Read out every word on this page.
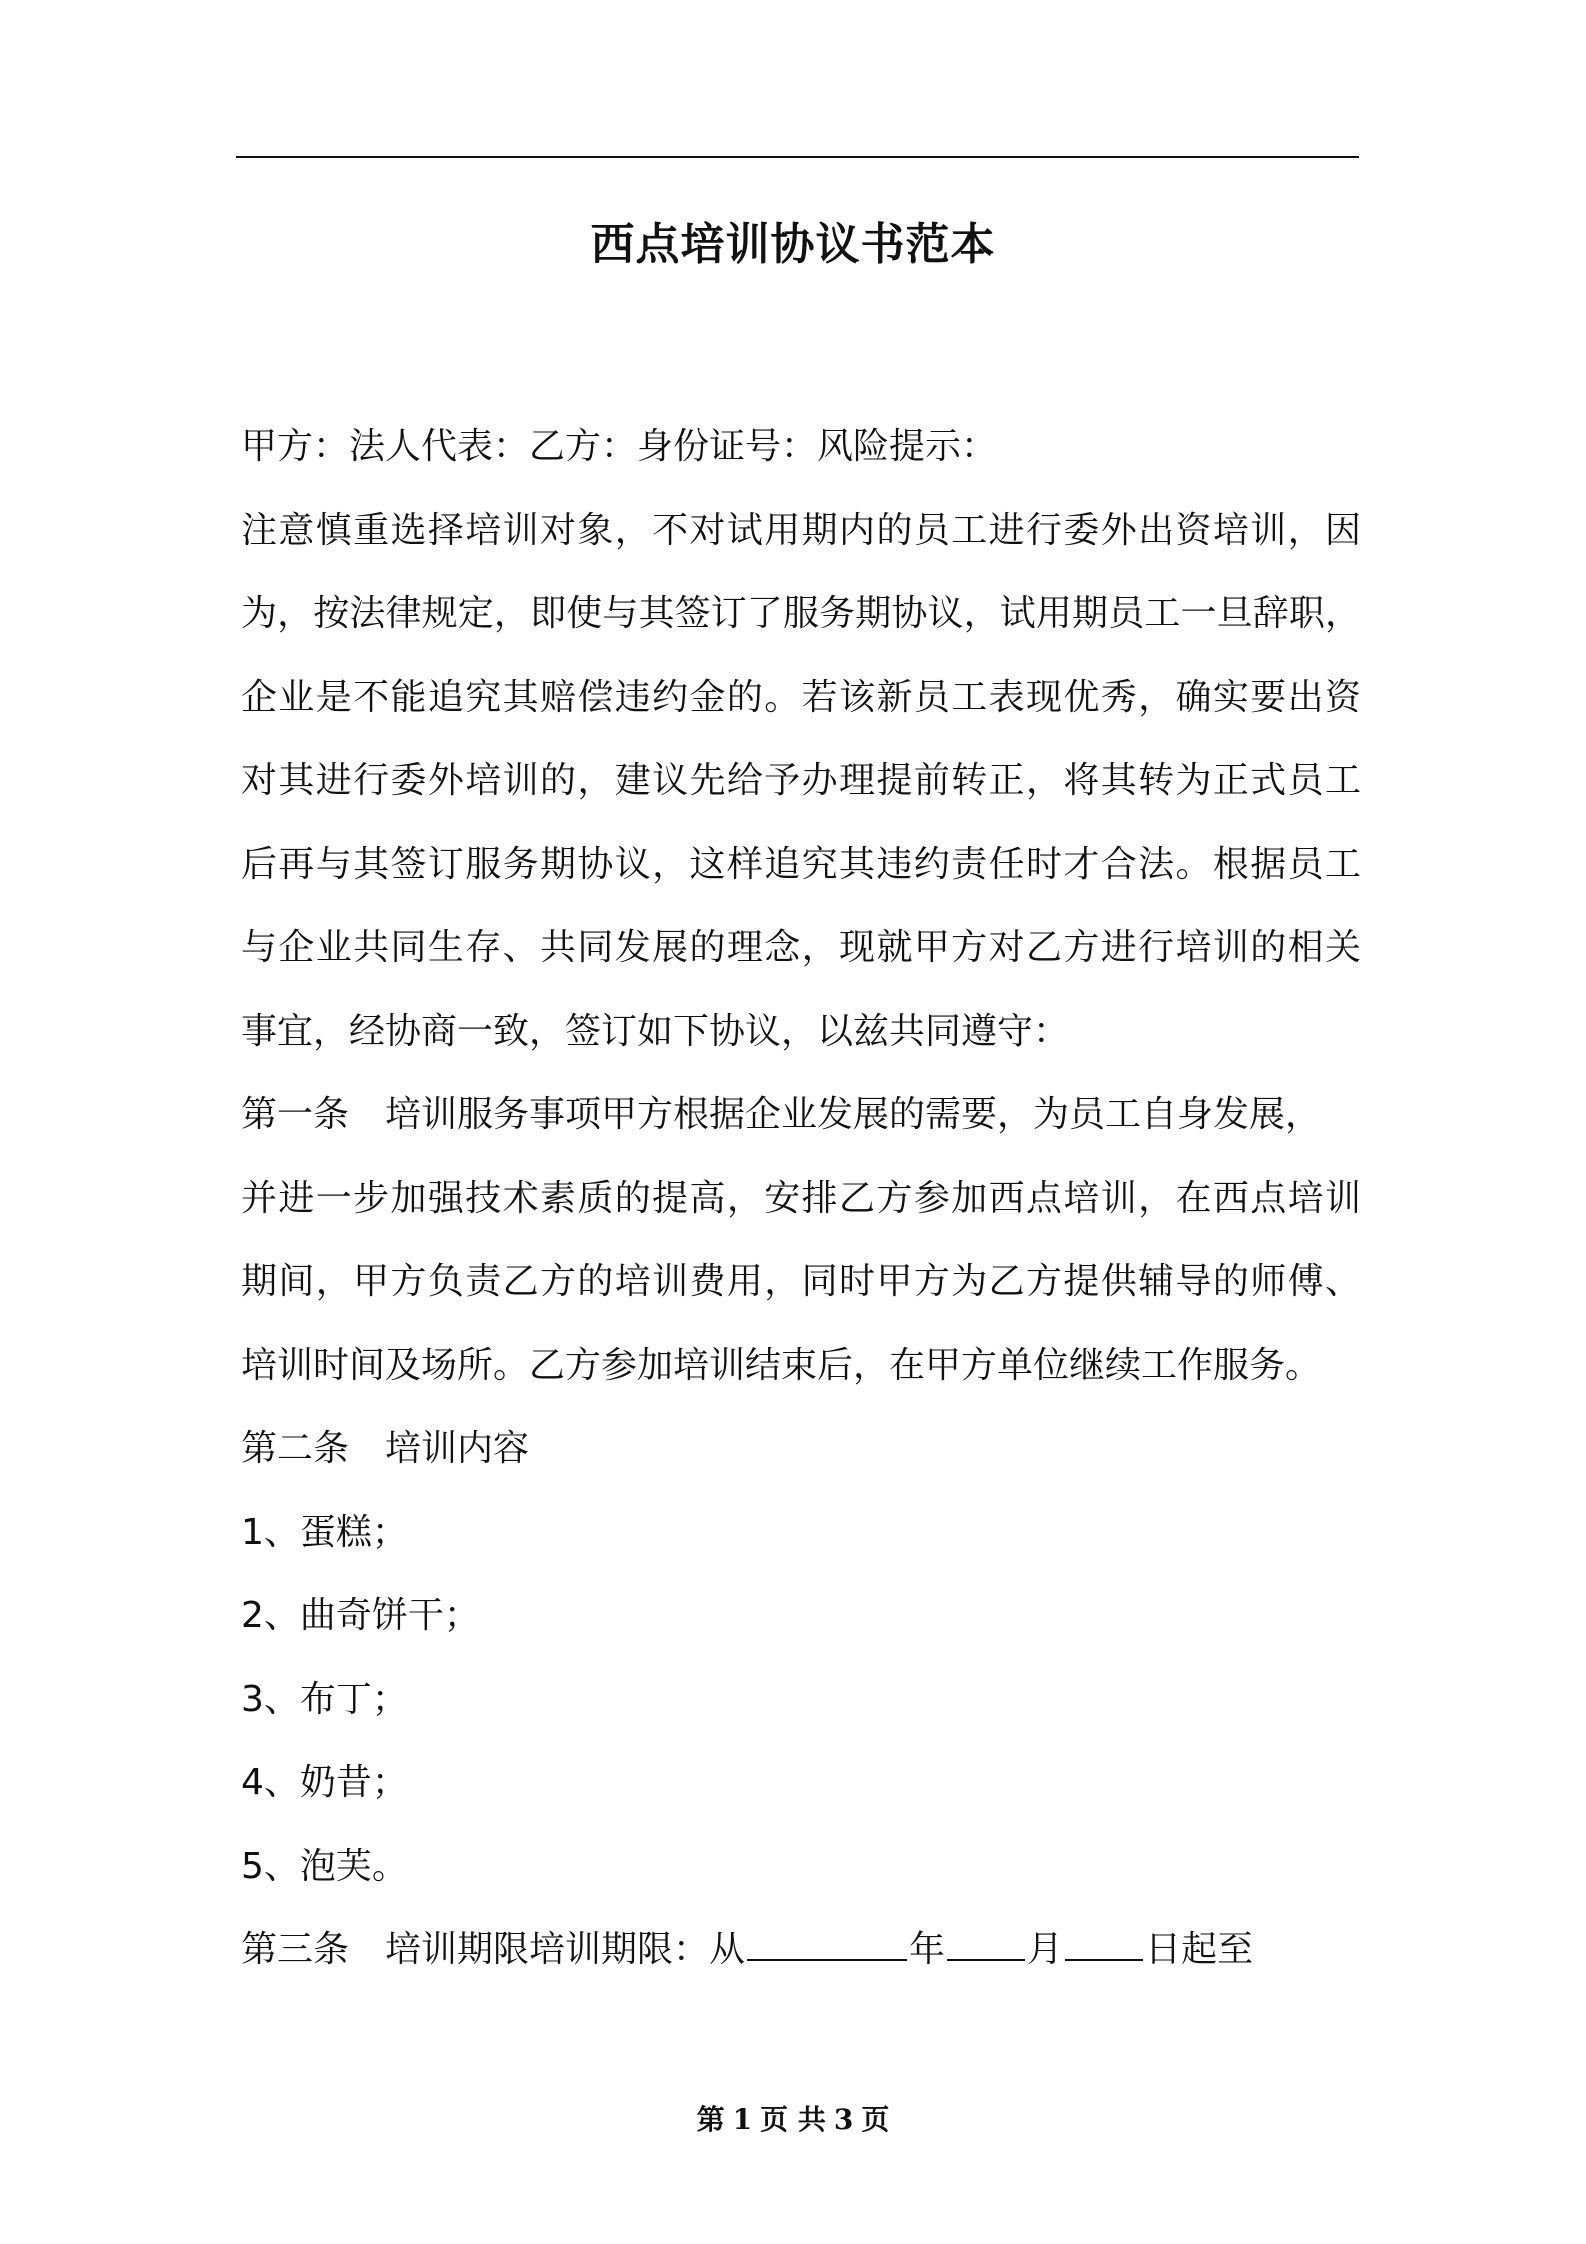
西点培训协议书范本
甲方：法人代表：乙方：身份证号：风险提示：
注意慎重选择培训对象，不对试用期内的员工进行委外出资培训，因
为，按法律规定，即使与其签订了服务期协议，试用期员工一旦辞职，
企业是不能追究其赔偿违约金的。若该新员工表现优秀，确实要出资
对其进行委外培训的，建议先给予办理提前转正，将其转为正式员工
后再与其签订服务期协议，这样追究其违约责任时才合法。根据员工
与企业共同生存、共同发展的理念，现就甲方对乙方进行培训的相关
事宜，经协商一致，签订如下协议，以兹共同遵守：
第一条 培训服务事项甲方根据企业发展的需要，为员工自身发展，
并进一步加强技术素质的提高，安排乙方参加西点培训，在西点培训
期间，甲方负责乙方的培训费用，同时甲方为乙方提供辅导的师傅、
培训时间及场所。乙方参加培训结束后，在甲方单位继续工作服务。
第二条 培训内容
1、蛋糕；
2、曲奇饼干；
3、布丁；
4、奶昔；
5、泡芙。
第三条 培训期限培训期限：从	年 月 日起至
第 1 页 共 3 页
